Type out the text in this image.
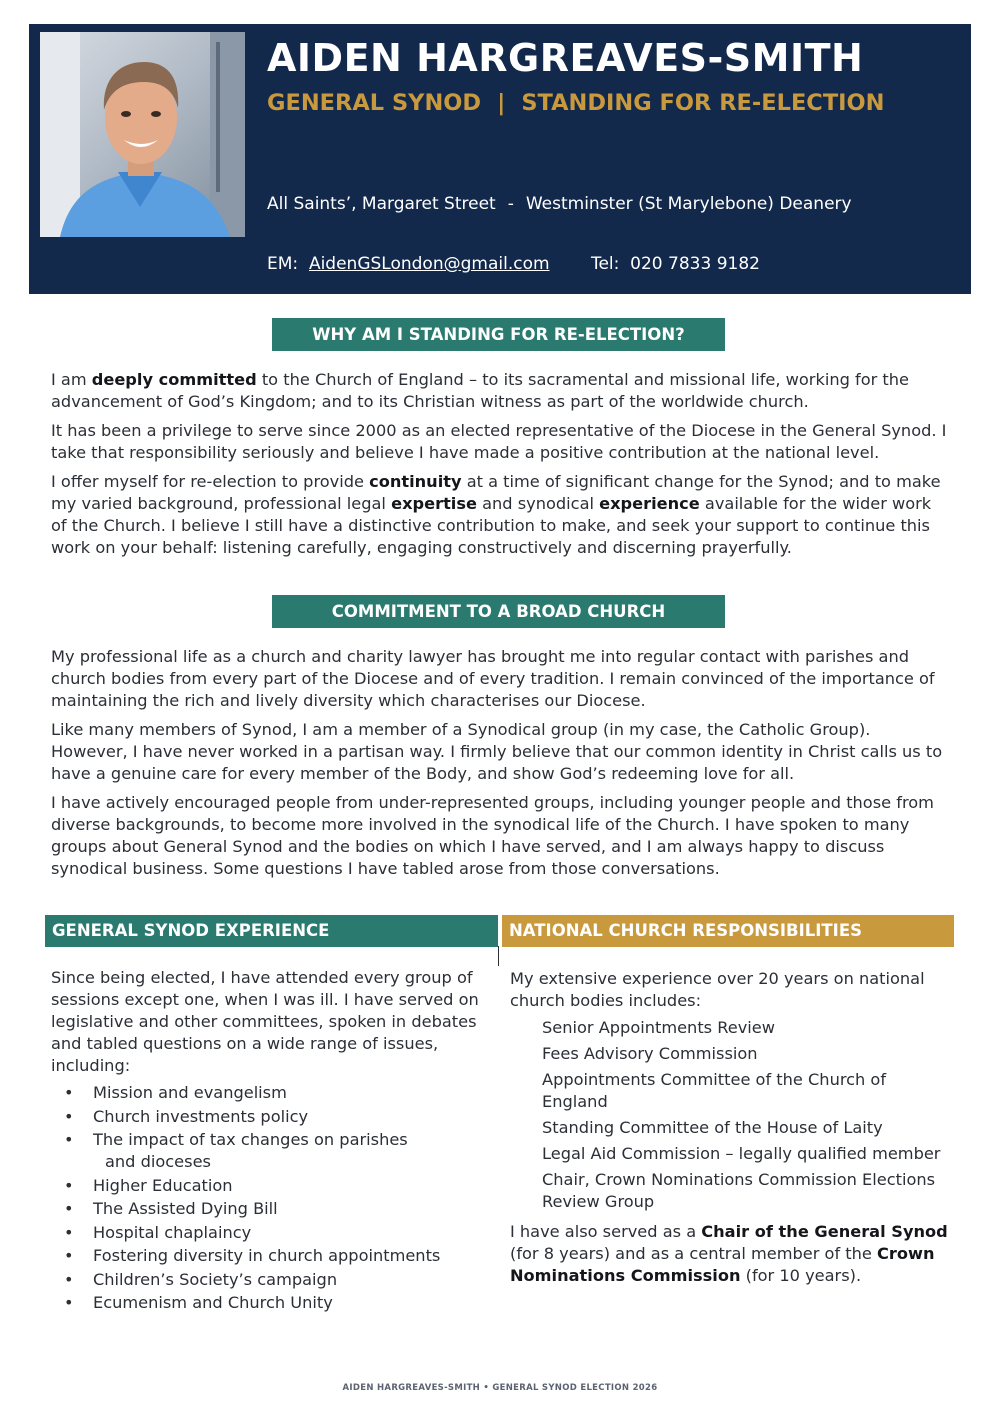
AIDEN HARGREAVES-SMITH
GENERAL SYNOD | STANDING FOR RE-ELECTION
All Saints’, Margaret Street - Westminster (St Marylebone) Deanery
EM: AidenGSLondon@gmail.com Tel: 020 7833 9182
WHY AM I STANDING FOR RE-ELECTION?

I am deeply committed to the Church of England – to its sacramental and missional life, working for the advancement of God’s Kingdom; and to its Christian witness as part of the worldwide church.

It has been a privilege to serve since 2000 as an elected representative of the Diocese in the General Synod. I take that responsibility seriously and believe I have made a positive contribution at the national level.

I offer myself for re-election to provide continuity at a time of significant change for the Synod; and to make my varied background, professional legal expertise and synodical experience available for the wider work of the Church. I believe I still have a distinctive contribution to make, and seek your support to continue this work on your behalf: listening carefully, engaging constructively and discerning prayerfully.

COMMITMENT TO A BROAD CHURCH

My professional life as a church and charity lawyer has brought me into regular contact with parishes and church bodies from every part of the Diocese and of every tradition. I remain convinced of the importance of maintaining the rich and lively diversity which characterises our Diocese.

Like many members of Synod, I am a member of a Synodical group (in my case, the Catholic Group). However, I have never worked in a partisan way. I firmly believe that our common identity in Christ calls us to have a genuine care for every member of the Body, and show God’s redeeming love for all.

I have actively encouraged people from under-represented groups, including younger people and those from diverse backgrounds, to become more involved in the synodical life of the Church. I have spoken to many groups about General Synod and the bodies on which I have served, and I am always happy to discuss synodical business. Some questions I have tabled arose from those conversations.

GENERAL SYNOD EXPERIENCE	NATIONAL CHURCH RESPONSIBILITIES

Since being elected, I have attended every group of sessions except one, when I was ill. I have served on legislative and other committees, spoken in debates and tabled questions on a wide range of issues, including:

• Mission and evangelism
• Church investments policy
• The impact of tax changes on parishes
and dioceses
• Higher Education
• The Assisted Dying Bill
• Hospital chaplaincy
• Fostering diversity in church appointments
• Children’s Society’s campaign
• Ecumenism and Church Unity

My extensive experience over 20 years on national church bodies includes:

Senior Appointments Review
Fees Advisory Commission
Appointments Committee of the Church of England
Standing Committee of the House of Laity
Legal Aid Commission – legally qualified member
Chair, Crown Nominations Commission Elections Review Group

I have also served as a Chair of the General Synod (for 8 years) and as a central member of the Crown Nominations Commission (for 10 years).

AIDEN HARGREAVES-SMITH • GENERAL SYNOD ELECTION 2026
